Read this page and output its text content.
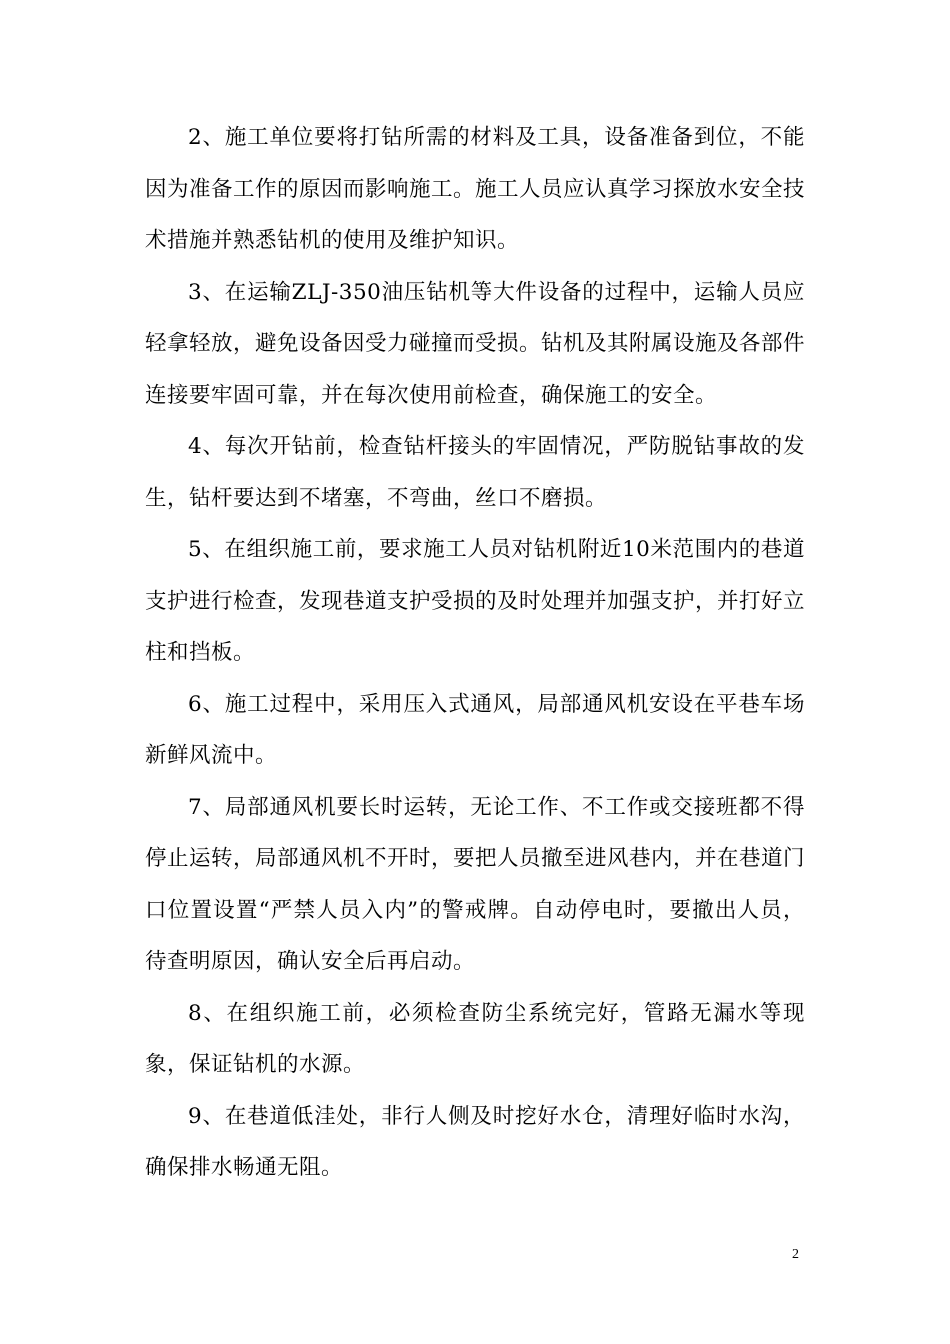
2、施工单位要将打钻所需的材料及工具，设备准备到位，不能因为准备工作的原因而影响施工。施工人员应认真学习探放水安全技术措施并熟悉钻机的使用及维护知识。

3、在运输ZLJ-350油压钻机等大件设备的过程中，运输人员应轻拿轻放，避免设备因受力碰撞而受损。钻机及其附属设施及各部件连接要牢固可靠，并在每次使用前检查，确保施工的安全。

4、每次开钻前，检查钻杆接头的牢固情况，严防脱钻事故的发生，钻杆要达到不堵塞，不弯曲，丝口不磨损。

5、在组织施工前，要求施工人员对钻机附近10米范围内的巷道支护进行检查，发现巷道支护受损的及时处理并加强支护，并打好立柱和挡板。

6、施工过程中，采用压入式通风，局部通风机安设在平巷车场新鲜风流中。

7、局部通风机要长时运转，无论工作、不工作或交接班都不得停止运转，局部通风机不开时，要把人员撤至进风巷内，并在巷道门口位置设置“严禁人员入内”的警戒牌。自动停电时，要撤出人员，待查明原因，确认安全后再启动。

8、在组织施工前，必须检查防尘系统完好，管路无漏水等现象，保证钻机的水源。

9、在巷道低洼处，非行人侧及时挖好水仓，清理好临时水沟，确保排水畅通无阻。

2
